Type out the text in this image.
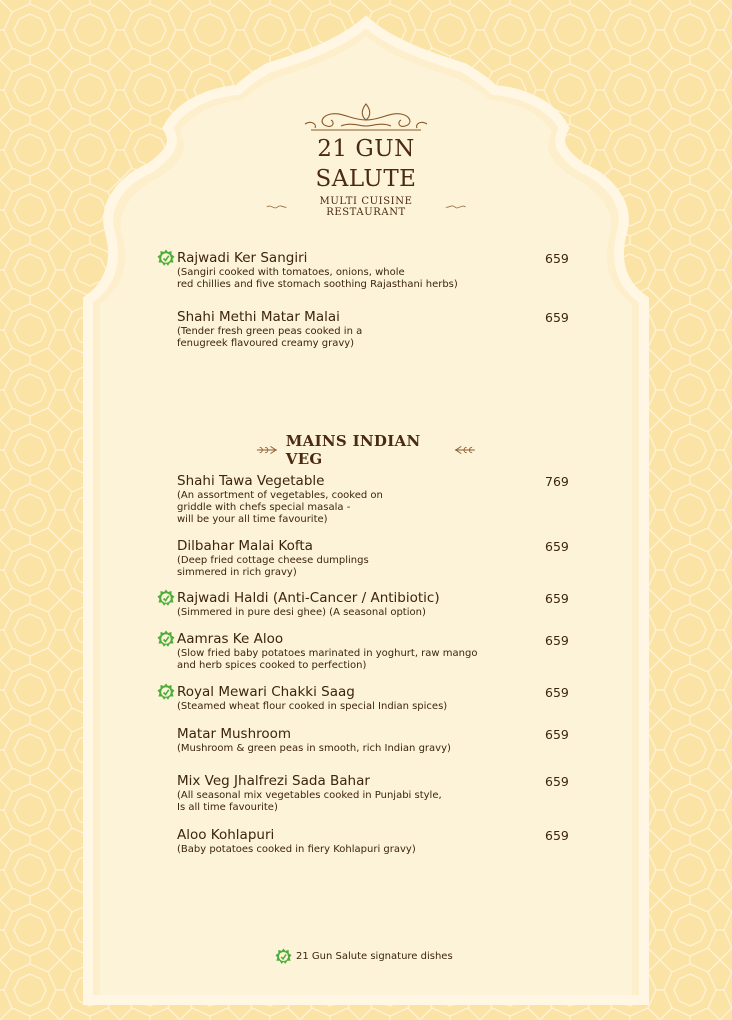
21 GUN
SALUTE
MULTI CUISINE RESTAURANT
Rajwadi Ker Sangiri
(Sangiri cooked with tomatoes, onions, whole
red chillies and five stomach soothing Rajasthani herbs)
659
Shahi Methi Matar Malai
(Tender fresh green peas cooked in a
fenugreek flavoured creamy gravy)
659
MAINS INDIAN VEG
Shahi Tawa Vegetable
(An assortment of vegetables, cooked on
griddle with chefs special masala -
will be your all time favourite)
769
Dilbahar Malai Kofta
(Deep fried cottage cheese dumplings
simmered in rich gravy)
659
Rajwadi Haldi (Anti-Cancer / Antibiotic)
(Simmered in pure desi ghee) (A seasonal option)
659
Aamras Ke Aloo
(Slow fried baby potatoes marinated in yoghurt, raw mango
and herb spices cooked to perfection)
659
Royal Mewari Chakki Saag
(Steamed wheat flour cooked in special Indian spices)
659
Matar Mushroom
(Mushroom & green peas in smooth, rich Indian gravy)
659
Mix Veg Jhalfrezi Sada Bahar
(All seasonal mix vegetables cooked in Punjabi style,
Is all time favourite)
659
Aloo Kohlapuri
(Baby potatoes cooked in fiery Kohlapuri gravy)
659
21 Gun Salute signature dishes
